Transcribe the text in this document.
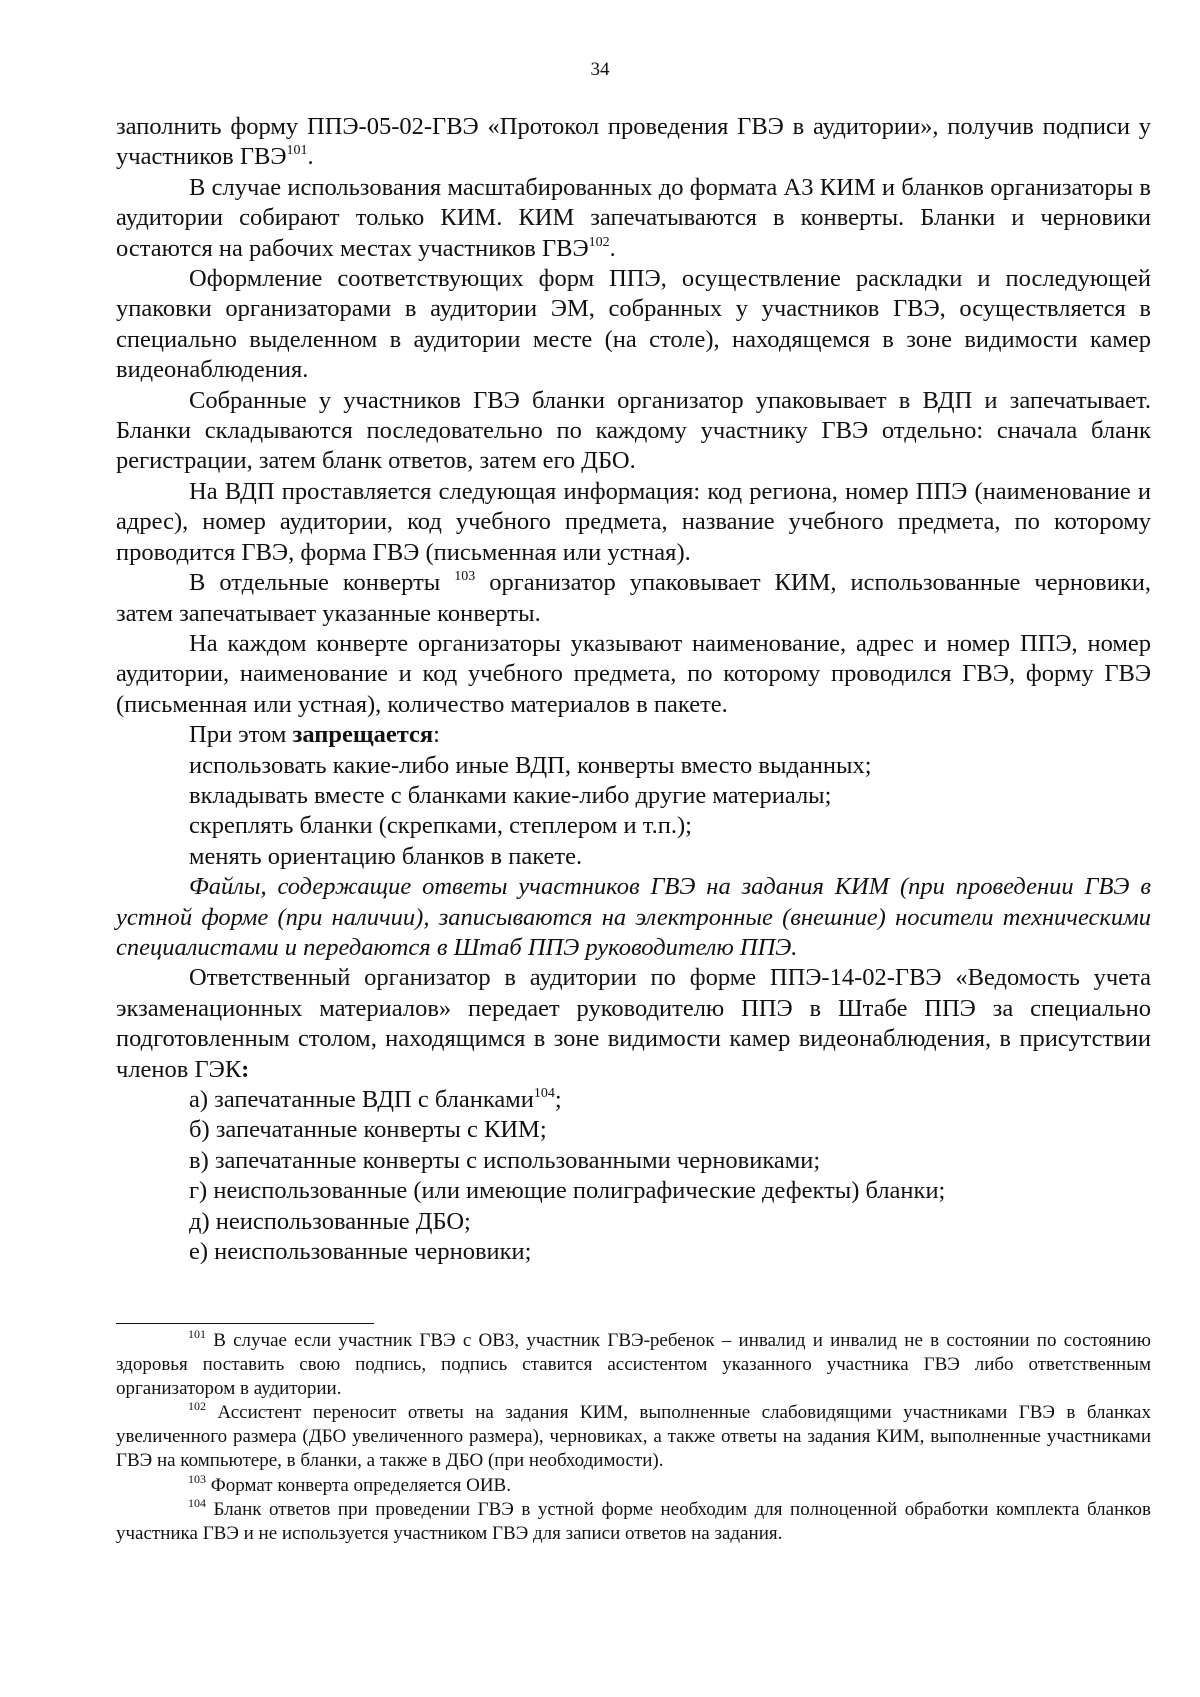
34

заполнить форму ППЭ-05-02-ГВЭ «Протокол проведения ГВЭ в аудитории», получив подписи у участников ГВЭ$^{101}$.

В случае использования масштабированных до формата А3 КИМ и бланков организаторы в аудитории собирают только КИМ. КИМ запечатываются в конверты. Бланки и черновики остаются на рабочих местах участников ГВЭ$^{102}$.

Оформление соответствующих форм ППЭ, осуществление раскладки и последующей упаковки организаторами в аудитории ЭМ, собранных у участников ГВЭ, осуществляется в специально выделенном в аудитории месте (на столе), находящемся в зоне видимости камер видеонаблюдения.

Собранные у участников ГВЭ бланки организатор упаковывает в ВДП и запечатывает. Бланки складываются последовательно по каждому участнику ГВЭ отдельно: сначала бланк регистрации, затем бланк ответов, затем его ДБО.

На ВДП проставляется следующая информация: код региона, номер ППЭ (наименование и адрес), номер аудитории, код учебного предмета, название учебного предмета, по которому проводится ГВЭ, форма ГВЭ (письменная или устная).

В отдельные конверты $^{103}$ организатор упаковывает КИМ, использованные черновики, затем запечатывает указанные конверты.

На каждом конверте организаторы указывают наименование, адрес и номер ППЭ, номер аудитории, наименование и код учебного предмета, по которому проводился ГВЭ, форму ГВЭ (письменная или устная), количество материалов в пакете.

При этом запрещается:

использовать какие-либо иные ВДП, конверты вместо выданных;

вкладывать вместе с бланками какие-либо другие материалы;

скреплять бланки (скрепками, степлером и т.п.);

менять ориентацию бланков в пакете.

Файлы, содержащие ответы участников ГВЭ на задания КИМ (при проведении ГВЭ в устной форме (при наличии), записываются на электронные (внешние) носители техническими специалистами и передаются в Штаб ППЭ руководителю ППЭ.

Ответственный организатор в аудитории по форме ППЭ-14-02-ГВЭ «Ведомость учета экзаменационных материалов» передает руководителю ППЭ в Штабе ППЭ за специально подготовленным столом, находящимся в зоне видимости камер видеонаблюдения, в присутствии членов ГЭК:

а) запечатанные ВДП с бланками$^{104}$;

б) запечатанные конверты с КИМ;

в) запечатанные конверты с использованными черновиками;

г) неиспользованные (или имеющие полиграфические дефекты) бланки;

д) неиспользованные ДБО;

е) неиспользованные черновики;

$^{101}$ В случае если участник ГВЭ с ОВЗ, участник ГВЭ-ребенок – инвалид и инвалид не в состоянии по состоянию здоровья поставить свою подпись, подпись ставится ассистентом указанного участника ГВЭ либо ответственным организатором в аудитории.

$^{102}$ Ассистент переносит ответы на задания КИМ, выполненные слабовидящими участниками ГВЭ в бланках увеличенного размера (ДБО увеличенного размера), черновиках, а также ответы на задания КИМ, выполненные участниками ГВЭ на компьютере, в бланки, а также в ДБО (при необходимости).

$^{103}$ Формат конверта определяется ОИВ.

$^{104}$ Бланк ответов при проведении ГВЭ в устной форме необходим для полноценной обработки комплекта бланков участника ГВЭ и не используется участником ГВЭ для записи ответов на задания.
